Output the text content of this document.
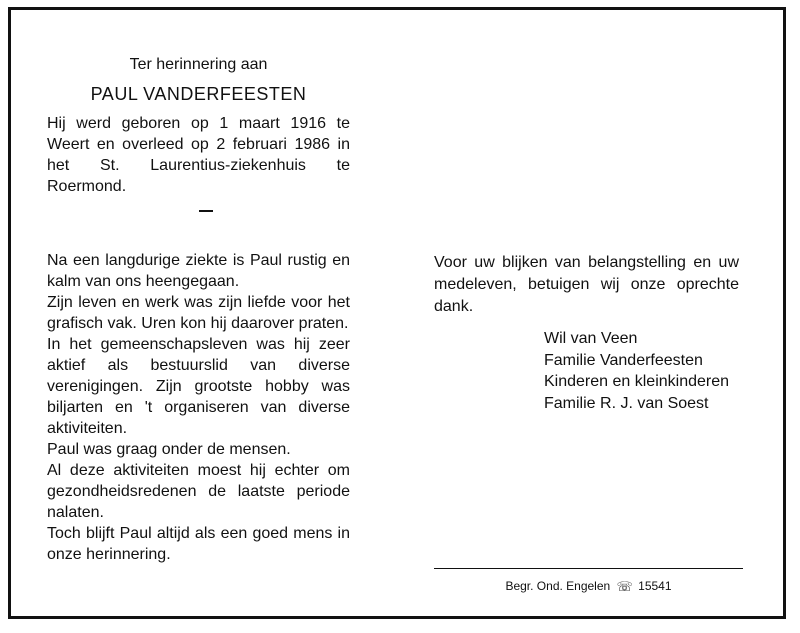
Ter herinnering aan
PAUL VANDERFEESTEN
Hij werd geboren op 1 maart 1916 te Weert en overleed op 2 februari 1986 in het St. Laurentius-ziekenhuis te Roermond.
Na een langdurige ziekte is Paul rustig en kalm van ons heengegaan.
Zijn leven en werk was zijn liefde voor het grafisch vak. Uren kon hij daarover praten.
In het gemeenschapsleven was hij zeer aktief als bestuurslid van diverse verenigingen. Zijn grootste hobby was biljarten en 't organiseren van diverse aktiviteiten.
Paul was graag onder de mensen.
Al deze aktiviteiten moest hij echter om gezondheidsredenen de laatste periode nalaten.
Toch blijft Paul altijd als een goed mens in onze herinnering.
Voor uw blijken van belangstelling en uw medeleven, betuigen wij onze oprechte dank.
Wil van Veen
Familie Vanderfeesten
Kinderen en kleinkinderen
Familie R. J. van Soest
Begr. Ond. Engelen ☏ 15541
